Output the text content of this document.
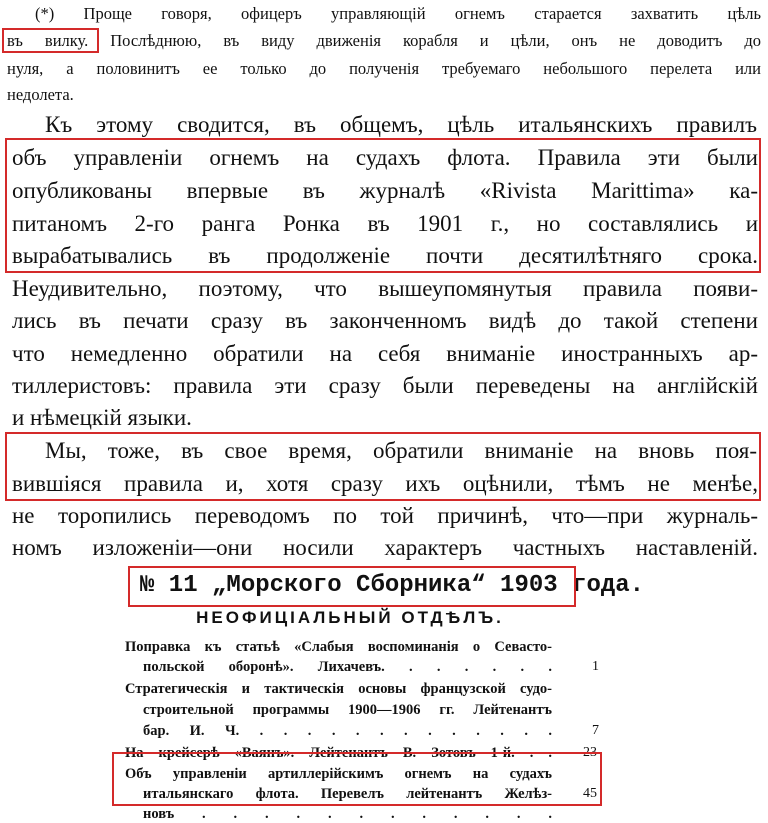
(*) Проще говоря, офицеръ управляющій огнемъ старается захватить цѣль
въ вилку. Послѣднюю, въ виду движенія корабля и цѣли, онъ не доводитъ до
нуля, а половинитъ ее только до полученія требуемаго небольшого перелета или
недолета.
Къ этому сводится, въ общемъ, цѣль итальянскихъ правилъ
объ управленіи огнемъ на судахъ флота. Правила эти были
опубликованы впервые въ журналѣ «Rivista Marittima» ка-
питаномъ 2-го ранга Ронка въ 1901 г., но составлялись и
вырабатывались въ продолженіе почти десятилѣтняго срока.
Неудивительно, поэтому, что вышеупомянутыя правила появи-
лись въ печати сразу въ законченномъ видѣ до такой степени
что немедленно обратили на себя вниманіе иностранныхъ ар-
тиллеристовъ: правила эти сразу были переведены на англійскій
и нѣмецкій языки.
Мы, тоже, въ свое время, обратили вниманіе на вновь поя-
вившіяся правила и, хотя сразу ихъ оцѣнили, тѣмъ не менѣе,
не торопились переводомъ по той причинѣ, что—при журналь-
номъ изложеніи—они носили характеръ частныхъ наставленій.
№ 11 „Морского Сборника“ 1903 года.
НЕОФИЦІАЛЬНЫЙ ОТДѢЛЪ.
Поправка къ статьѣ «Слабыя воспоминанія о Севасто-
польской оборонѣ». Лихачевъ. . . . . . .
Стратегическія и тактическія основы французской судо-
строительной программы 1900—1906 гг. Лейтенантъ
бар. И. Ч. . . . . . . . . . . . . .
На крейсерѣ «Ваянъ». Лейтенантъ В. Зотовъ 1-й. . .
Объ управленіи артиллерійскимъ огнемъ на судахъ
итальянскаго флота. Перевелъ лейтенантъ Желѣз-
новъ . . . . . . . . . . . .
1
7
23
45
